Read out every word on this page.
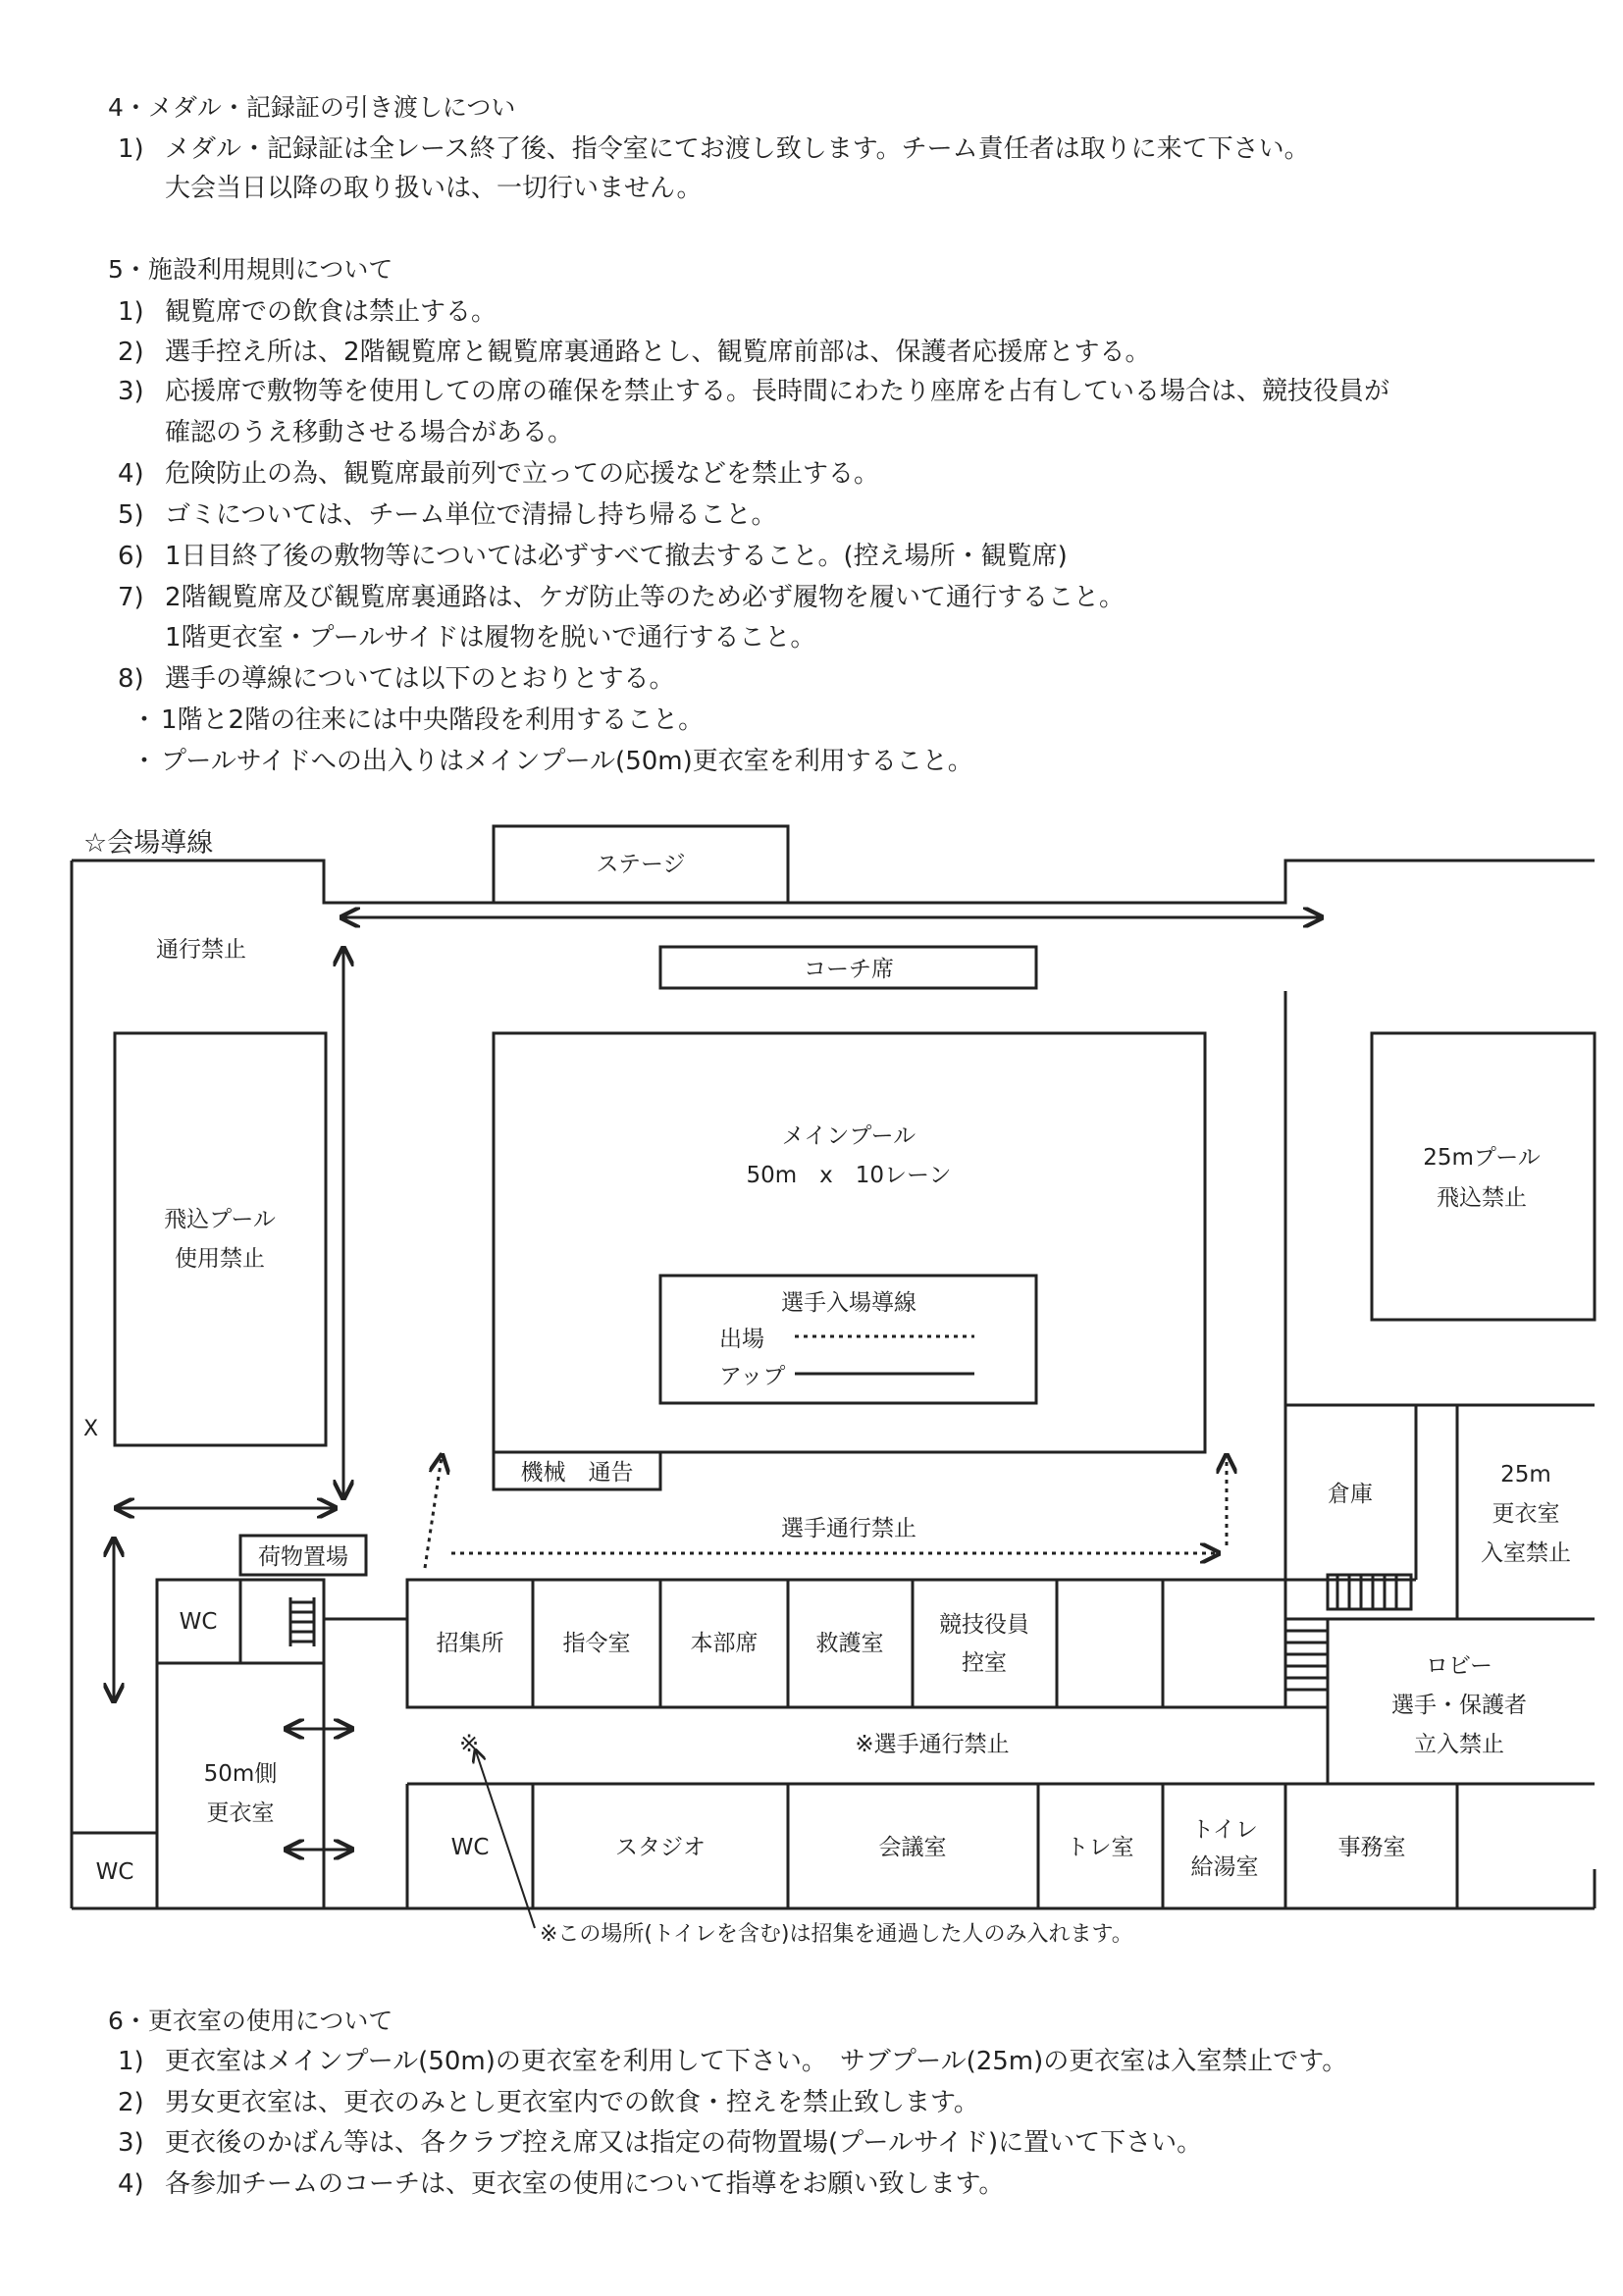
4・メダル・記録証の引き渡しについ
1) メダル・記録証は全レース終了後、指令室にてお渡し致します。チーム責任者は取りに来て下さい。
大会当日以降の取り扱いは、一切行いません。
5・施設利用規則について
1) 観覧席での飲食は禁止する。
2) 選手控え所は、2階観覧席と観覧席裏通路とし、観覧席前部は、保護者応援席とする。
3) 応援席で敷物等を使用しての席の確保を禁止する。長時間にわたり座席を占有している場合は、競技役員が
確認のうえ移動させる場合がある。
4) 危険防止の為、観覧席最前列で立っての応援などを禁止する。
5) ゴミについては、チーム単位で清掃し持ち帰ること。
6) 1日目終了後の敷物等については必ずすべて撤去すること。(控え場所・観覧席)
7) 2階観覧席及び観覧席裏通路は、ケガ防止等のため必ず履物を履いて通行すること。
1階更衣室・プールサイドは履物を脱いで通行すること。
8) 選手の導線については以下のとおりとする。
・ 1階と2階の往来には中央階段を利用すること。
・ プールサイドへの出入りはメインプール(50m)更衣室を利用すること。
☆会場導線
ステージ
通行禁止
コーチ席
メインプール
50m　x　10レーン
選手入場導線
出場
アップ
機械　通告
飛込プール
使用禁止
25mプール
飛込禁止
X
荷物置場
WC
WC
選手通行禁止
招集所	指令室	本部席	救護室
競技役員
控室
倉庫
25m
更衣室
入室禁止
ロビー
選手・保護者
立入禁止
50m側
更衣室
※	※選手通行禁止
WC	スタジオ	会議室	トレ室
トイレ
給湯室
事務室
※この場所(トイレを含む)は招集を通過した人のみ入れます。
6・更衣室の使用について
1) 更衣室はメインプール(50m)の更衣室を利用して下さい。　サブプール(25m)の更衣室は入室禁止です。
2) 男女更衣室は、更衣のみとし更衣室内での飲食・控えを禁止致します。
3) 更衣後のかばん等は、各クラブ控え席又は指定の荷物置場(プールサイド)に置いて下さい。
4) 各参加チームのコーチは、更衣室の使用について指導をお願い致します。
